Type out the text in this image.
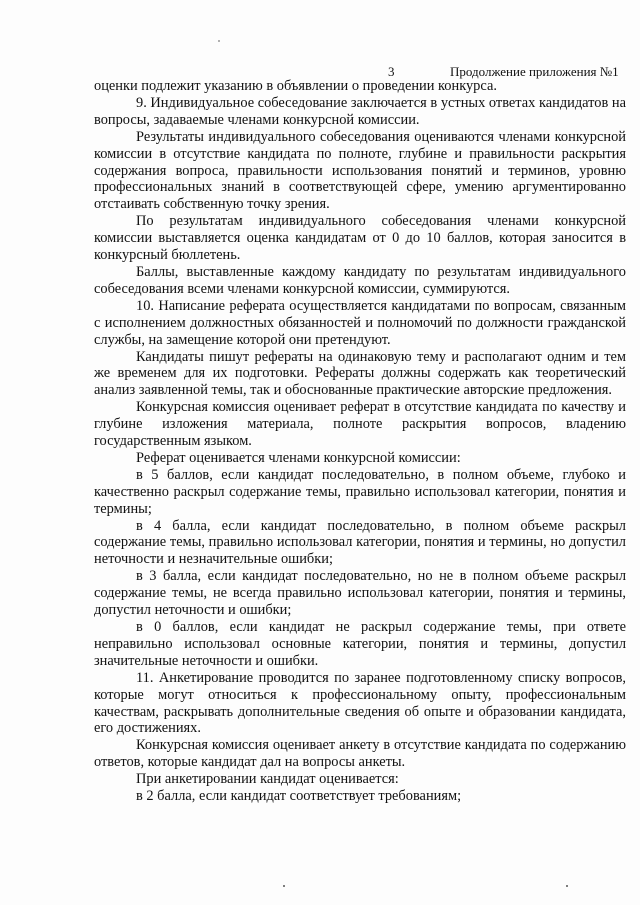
3	Продолжение приложения №1

оценки подлежит указанию в объявлении о проведении конкурса.

9. Индивидуальное собеседование заключается в устных ответах кандидатов на вопросы, задаваемые членами конкурсной комиссии.

Результаты индивидуального собеседования оцениваются членами конкурсной комиссии в отсутствие кандидата по полноте, глубине и правильности раскрытия содержания вопроса, правильности использования понятий и терминов, уровню профессиональных знаний в соответствующей сфере, умению аргументированно отстаивать собственную точку зрения.

По результатам индивидуального собеседования членами конкурсной комиссии выставляется оценка кандидатам от 0 до 10 баллов, которая заносится в конкурсный бюллетень.

Баллы, выставленные каждому кандидату по результатам индивидуального собеседования всеми членами конкурсной комиссии, суммируются.

10. Написание реферата осуществляется кандидатами по вопросам, связанным с исполнением должностных обязанностей и полномочий по должности гражданской службы, на замещение которой они претендуют.

Кандидаты пишут рефераты на одинаковую тему и располагают одним и тем же временем для их подготовки. Рефераты должны содержать как теоретический анализ заявленной темы, так и обоснованные практические авторские предложения.

Конкурсная комиссия оценивает реферат в отсутствие кандидата по качеству и глубине изложения материала, полноте раскрытия вопросов, владению государственным языком.

Реферат оценивается членами конкурсной комиссии:

в 5 баллов, если кандидат последовательно, в полном объеме, глубоко и качественно раскрыл содержание темы, правильно использовал категории, понятия и термины;

в 4 балла, если кандидат последовательно, в полном объеме раскрыл содержание темы, правильно использовал категории, понятия и термины, но допустил неточности и незначительные ошибки;

в 3 балла, если кандидат последовательно, но не в полном объеме раскрыл содержание темы, не всегда правильно использовал категории, понятия и термины, допустил неточности и ошибки;

в 0 баллов, если кандидат не раскрыл содержание темы, при ответе неправильно использовал основные категории, понятия и термины, допустил значительные неточности и ошибки.

11. Анкетирование проводится по заранее подготовленному списку вопросов, которые могут относиться к профессиональному опыту, профессиональным качествам, раскрывать дополнительные сведения об опыте и образовании кандидата, его достижениях.

Конкурсная комиссия оценивает анкету в отсутствие кандидата по содержанию ответов, которые кандидат дал на вопросы анкеты.

При анкетировании кандидат оценивается:

в 2 балла, если кандидат соответствует требованиям;
